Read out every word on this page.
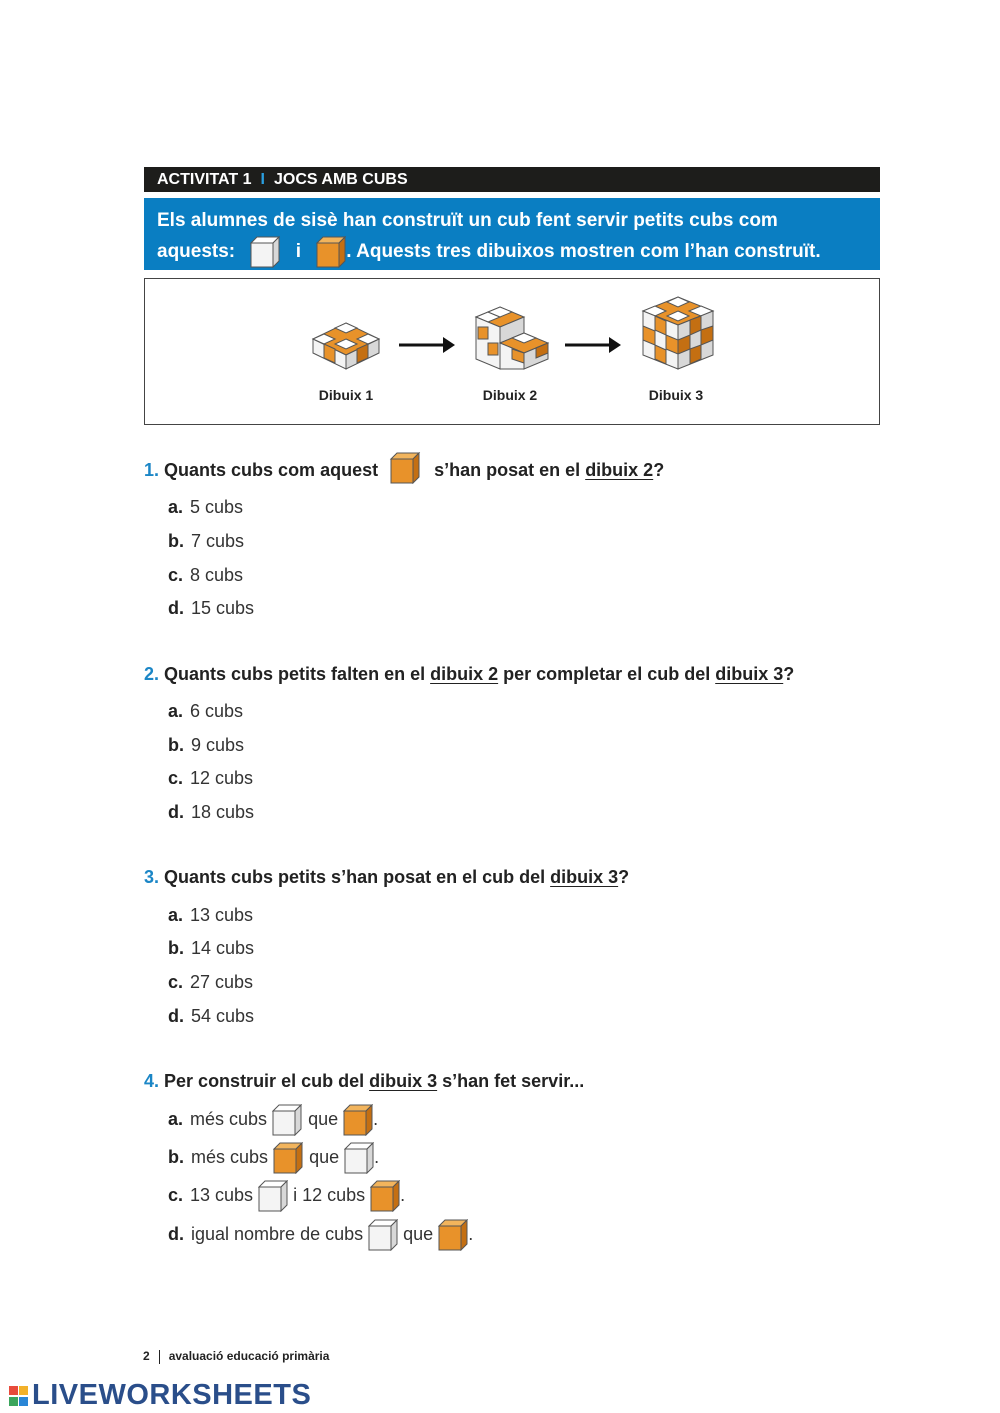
ACTIVITAT 1 I JOCS AMB CUBS
Els alumnes de sisè han construït un cub fent servir petits cubs com
aquests:	i . Aquests tres dibuixos mostren com l’han construït.
Dibuix 1	Dibuix 2	Dibuix 3
1. Quants cubs com aquest	s’han posat en el dibuix 2?
a. 5 cubs
b. 7 cubs
c. 8 cubs
d. 15 cubs
2. Quants cubs petits falten en el dibuix 2 per completar el cub del dibuix 3?
a. 6 cubs
b. 9 cubs
c. 12 cubs
d. 18 cubs
3. Quants cubs petits s’han posat en el cub del dibuix 3?
a. 13 cubs
b. 14 cubs
c. 27 cubs
d. 54 cubs
4. Per construir el cub del dibuix 3 s’han fet servir...
a. més cubs que .
b. més cubs que .
c. 13 cubs i 12 cubs .
d. igual nombre de cubs que .
2 avaluació educació primària
LIVEWORKSHEETS
